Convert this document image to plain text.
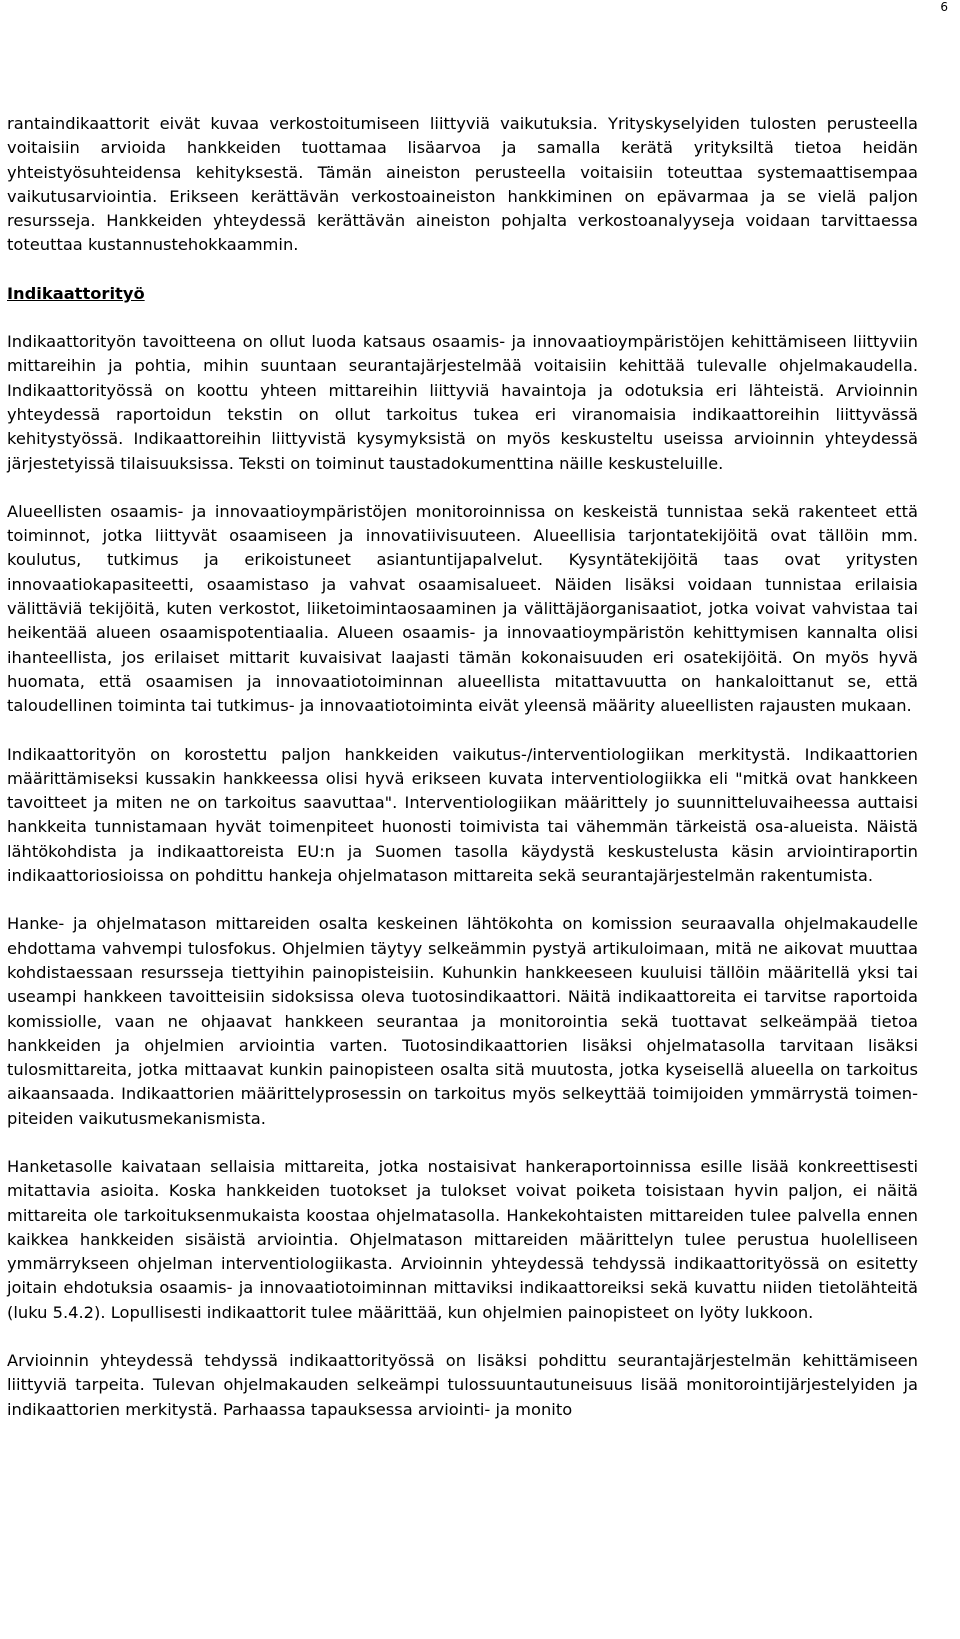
6

rantaindikaattorit eivät kuvaa verkostoitumiseen liittyviä vaikutuksia. Yrityskyselyiden tulosten perusteella voitaisiin arvioida hankkeiden tuottamaa lisäarvoa ja samalla kerätä yrityksiltä tietoa heidän yhteistyösuhteidensa kehityksestä. Tämän aineiston perusteella voitaisiin toteuttaa systemaattisempaa vaikutusarviointia. Erikseen kerättävän verkostoaineiston hankkiminen on epävarmaa ja se vielä paljon resursseja. Hankkeiden yhteydessä kerättävän aineiston pohjalta verkostoanalyyseja voidaan tarvittaessa toteuttaa kustannustehokkaammin.

Indikaattorityö

Indikaattorityön tavoitteena on ollut luoda katsaus osaamis- ja innovaatioympäristöjen kehittämiseen liittyviin mittareihin ja pohtia, mihin suuntaan seurantajärjestelmää voitaisiin kehittää tulevalle ohjelmakaudella. Indikaattorityössä on koottu yhteen mittareihin liittyviä havaintoja ja odotuksia eri lähteistä. Arvioinnin yhteydessä raportoidun tekstin on ollut tarkoitus tukea eri viranomaisia indikaattoreihin liittyvässä kehitystyössä. Indikaattoreihin liittyvistä kysymyksistä on myös keskusteltu useissa arvioinnin yhteydessä järjestetyissä tilaisuuksissa. Teksti on toiminut taustadokumenttina näille keskusteluille.

Alueellisten osaamis- ja innovaatioympäristöjen monitoroinnissa on keskeistä tunnistaa sekä rakenteet että toiminnot, jotka liittyvät osaamiseen ja innovatiivisuuteen. Alueellisia tarjontatekijöitä ovat tällöin mm. koulutus, tutkimus ja erikoistuneet asiantuntijapalvelut. Kysyntätekijöitä taas ovat yritysten innovaatiokapasiteetti, osaamistaso ja vahvat osaamisalueet. Näiden lisäksi voidaan tunnistaa erilaisia välittäviä tekijöitä, kuten verkostot, liiketoimintaosaaminen ja välittäjäorganisaatiot, jotka voivat vahvistaa tai heikentää alueen osaamispotentiaalia. Alueen osaamis- ja innovaatioympäristön kehittymisen kannalta olisi ihanteellista, jos erilaiset mittarit kuvaisivat laajasti tämän kokonaisuuden eri osatekijöitä. On myös hyvä huomata, että osaamisen ja innovaatiotoiminnan alueellista mitattavuutta on hankaloittanut se, että taloudellinen toiminta tai tutkimus- ja innovaatiotoiminta eivät yleensä määrity alueellisten rajausten mukaan.

Indikaattorityön on korostettu paljon hankkeiden vaikutus-/interventiologiikan merkitystä. Indikaattorien määrittämiseksi kussakin hankkeessa olisi hyvä erikseen kuvata interventiologiikka eli "mitkä ovat hankkeen tavoitteet ja miten ne on tarkoitus saavuttaa". Interventiologiikan määrittely jo suunnitteluvaiheessa auttaisi hankkeita tunnistamaan hyvät toimenpiteet huonosti toimivista tai vähemmän tärkeistä osa-alueista. Näistä lähtökohdista ja indikaattoreista EU:n ja Suomen tasolla käydystä keskustelusta käsin arviointiraportin indikaattoriosioissa on pohdittu hankeja ohjelmatason mittareita sekä seurantajärjestelmän rakentumista.

Hanke- ja ohjelmatason mittareiden osalta keskeinen lähtökohta on komission seuraavalla ohjelmakaudelle ehdottama vahvempi tulosfokus. Ohjelmien täytyy selkeämmin pystyä artikuloimaan, mitä ne aikovat muuttaa kohdistaessaan resursseja tiettyihin painopisteisiin. Kuhunkin hankkeeseen kuuluisi tällöin määritellä yksi tai useampi hankkeen tavoitteisiin sidoksissa oleva tuotosindikaattori. Näitä indikaattoreita ei tarvitse raportoida komissiolle, vaan ne ohjaavat hankkeen seurantaa ja monitorointia sekä tuottavat selkeämpää tietoa hankkeiden ja ohjelmien arviointia varten. Tuotosindikaattorien lisäksi ohjelmatasolla tarvitaan lisäksi tulosmittareita, jotka mittaavat kunkin painopisteen osalta sitä muutosta, jotka kyseisellä alueella on tarkoitus aikaansaada. Indikaattorien määrittelyprosessin on tarkoitus myös selkeyttää toimijoiden ymmärrystä toimenpiteiden vaikutusmekanismista.

Hanketasolle kaivataan sellaisia mittareita, jotka nostaisivat hankeraportoinnissa esille lisää konkreettisesti mitattavia asioita. Koska hankkeiden tuotokset ja tulokset voivat poiketa toisistaan hyvin paljon, ei näitä mittareita ole tarkoituksenmukaista koostaa ohjelmatasolla. Hankekohtaisten mittareiden tulee palvella ennen kaikkea hankkeiden sisäistä arviointia. Ohjelmatason mittareiden määrittelyn tulee perustua huolelliseen ymmärrykseen ohjelman interventiologiikasta. Arvioinnin yhteydessä tehdyssä indikaattorityössä on esitetty joitain ehdotuksia osaamis- ja innovaatiotoiminnan mittaviksi indikaattoreiksi sekä kuvattu niiden tietolähteitä (luku 5.4.2). Lopullisesti indikaattorit tulee määrittää, kun ohjelmien painopisteet on lyöty lukkoon.

Arvioinnin yhteydessä tehdyssä indikaattorityössä on lisäksi pohdittu seurantajärjestelmän kehittämiseen liittyviä tarpeita. Tulevan ohjelmakauden selkeämpi tulossuuntautuneisuus lisää monitorointijärjestelyiden ja indikaattorien merkitystä. Parhaassa tapauksessa arviointi- ja monito
